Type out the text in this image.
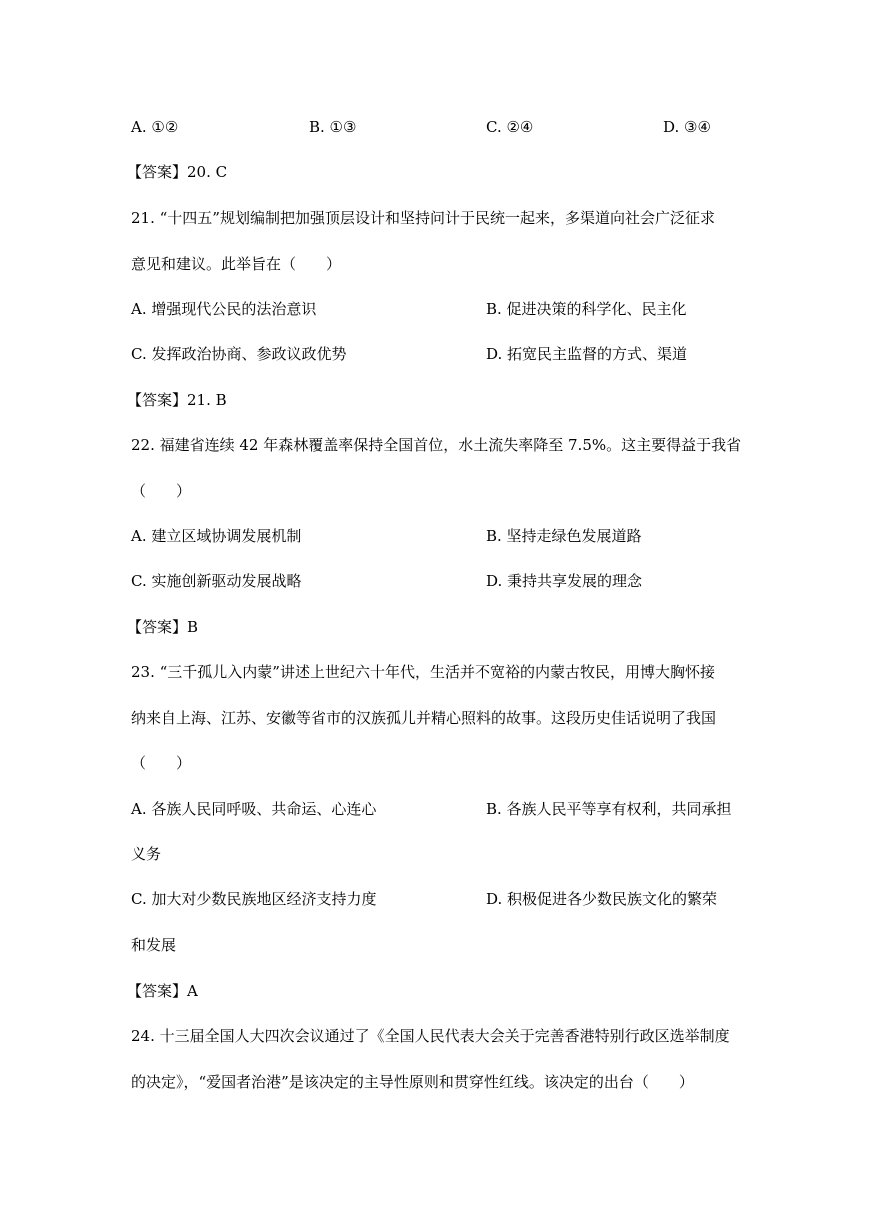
A. ①②	B. ①③	C. ②④	D. ③④
【答案】20. C
21. “十四五”规划编制把加强顶层设计和坚持问计于民统一起来，多渠道向社会广泛征求
意见和建议。此举旨在（　　）
A. 增强现代公民的法治意识	B. 促进决策的科学化、民主化
C. 发挥政治协商、参政议政优势	D. 拓宽民主监督的方式、渠道
【答案】21. B
22. 福建省连续 42 年森林覆盖率保持全国首位，水土流失率降至 7.5%。这主要得益于我省
（　　）
A. 建立区域协调发展机制	B. 坚持走绿色发展道路
C. 实施创新驱动发展战略	D. 秉持共享发展的理念
【答案】B
23. “三千孤儿入内蒙”讲述上世纪六十年代，生活并不宽裕的内蒙古牧民，用博大胸怀接
纳来自上海、江苏、安徽等省市的汉族孤儿并精心照料的故事。这段历史佳话说明了我国
（　　）
A. 各族人民同呼吸、共命运、心连心	B. 各族人民平等享有权利，共同承担
义务
C. 加大对少数民族地区经济支持力度	D. 积极促进各少数民族文化的繁荣
和发展
【答案】A
24. 十三届全国人大四次会议通过了《全国人民代表大会关于完善香港特别行政区选举制度
的决定》，“爱国者治港”是该决定的主导性原则和贯穿性红线。该决定的出台（　　）
